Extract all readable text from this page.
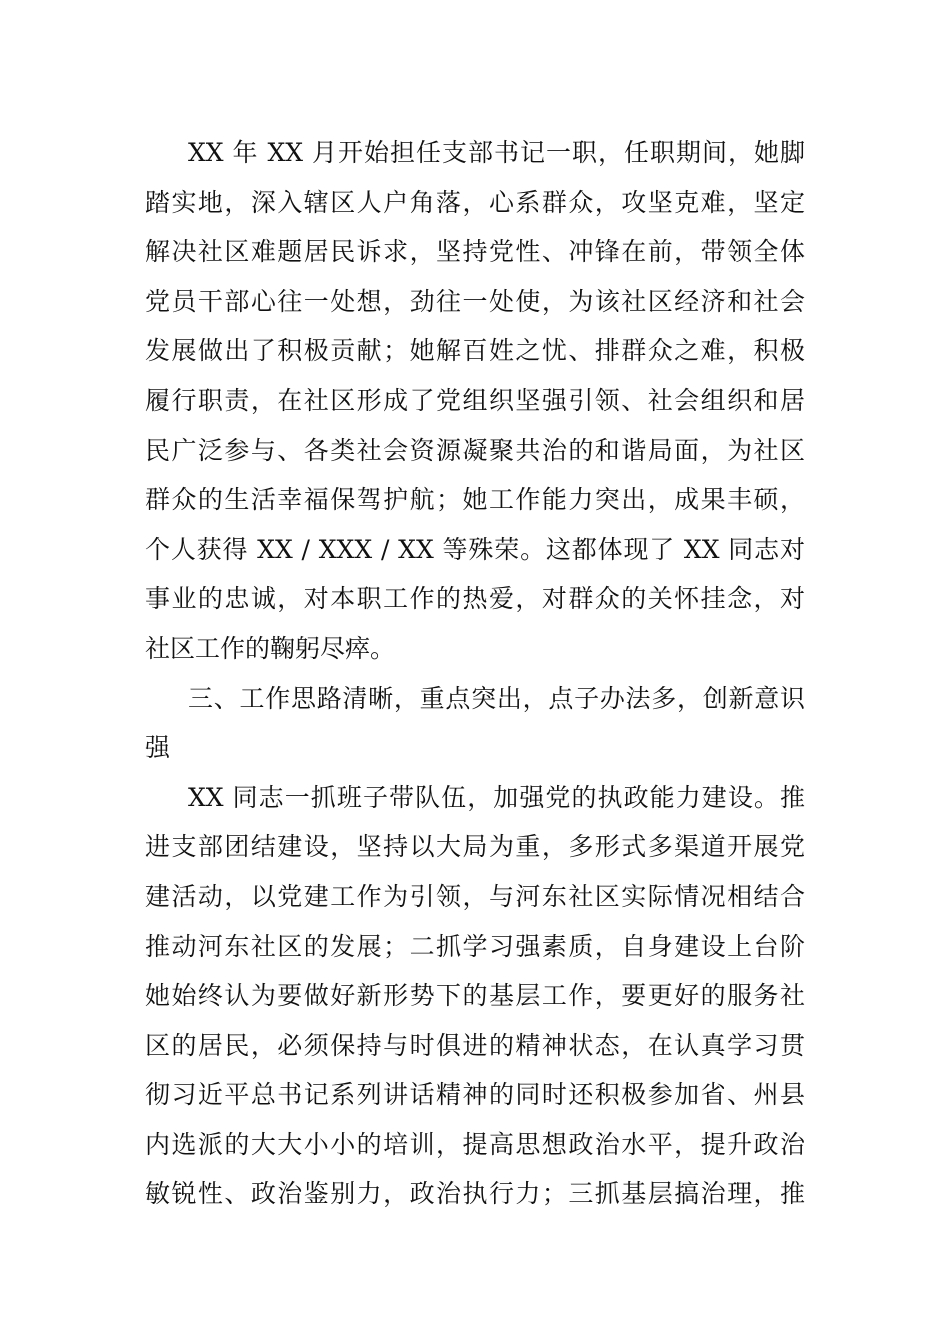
XX 年 XX 月开始担任支部书记一职，任职期间，她脚
踏实地，深入辖区人户角落，心系群众，攻坚克难，坚定
解决社区难题居民诉求，坚持党性、冲锋在前，带领全体
党员干部心往一处想，劲往一处使，为该社区经济和社会
发展做出了积极贡献；她解百姓之忧、排群众之难，积极
履行职责，在社区形成了党组织坚强引领、社会组织和居
民广泛参与、各类社会资源凝聚共治的和谐局面，为社区
群众的生活幸福保驾护航；她工作能力突出，成果丰硕，
个人获得 XX / XXX / XX 等殊荣。这都体现了 XX 同志对
事业的忠诚，对本职工作的热爱，对群众的关怀挂念，对
社区工作的鞠躬尽瘁。
三、工作思路清晰，重点突出，点子办法多，创新意识
强
XX 同志一抓班子带队伍，加强党的执政能力建设。推
进支部团结建设，坚持以大局为重，多形式多渠道开展党
建活动，以党建工作为引领，与河东社区实际情况相结合
推动河东社区的发展；二抓学习强素质，自身建设上台阶
她始终认为要做好新形势下的基层工作，要更好的服务社
区的居民，必须保持与时俱进的精神状态，在认真学习贯
彻习近平总书记系列讲话精神的同时还积极参加省、州县
内选派的大大小小的培训，提高思想政治水平，提升政治
敏锐性、政治鉴别力，政治执行力；三抓基层搞治理，推
